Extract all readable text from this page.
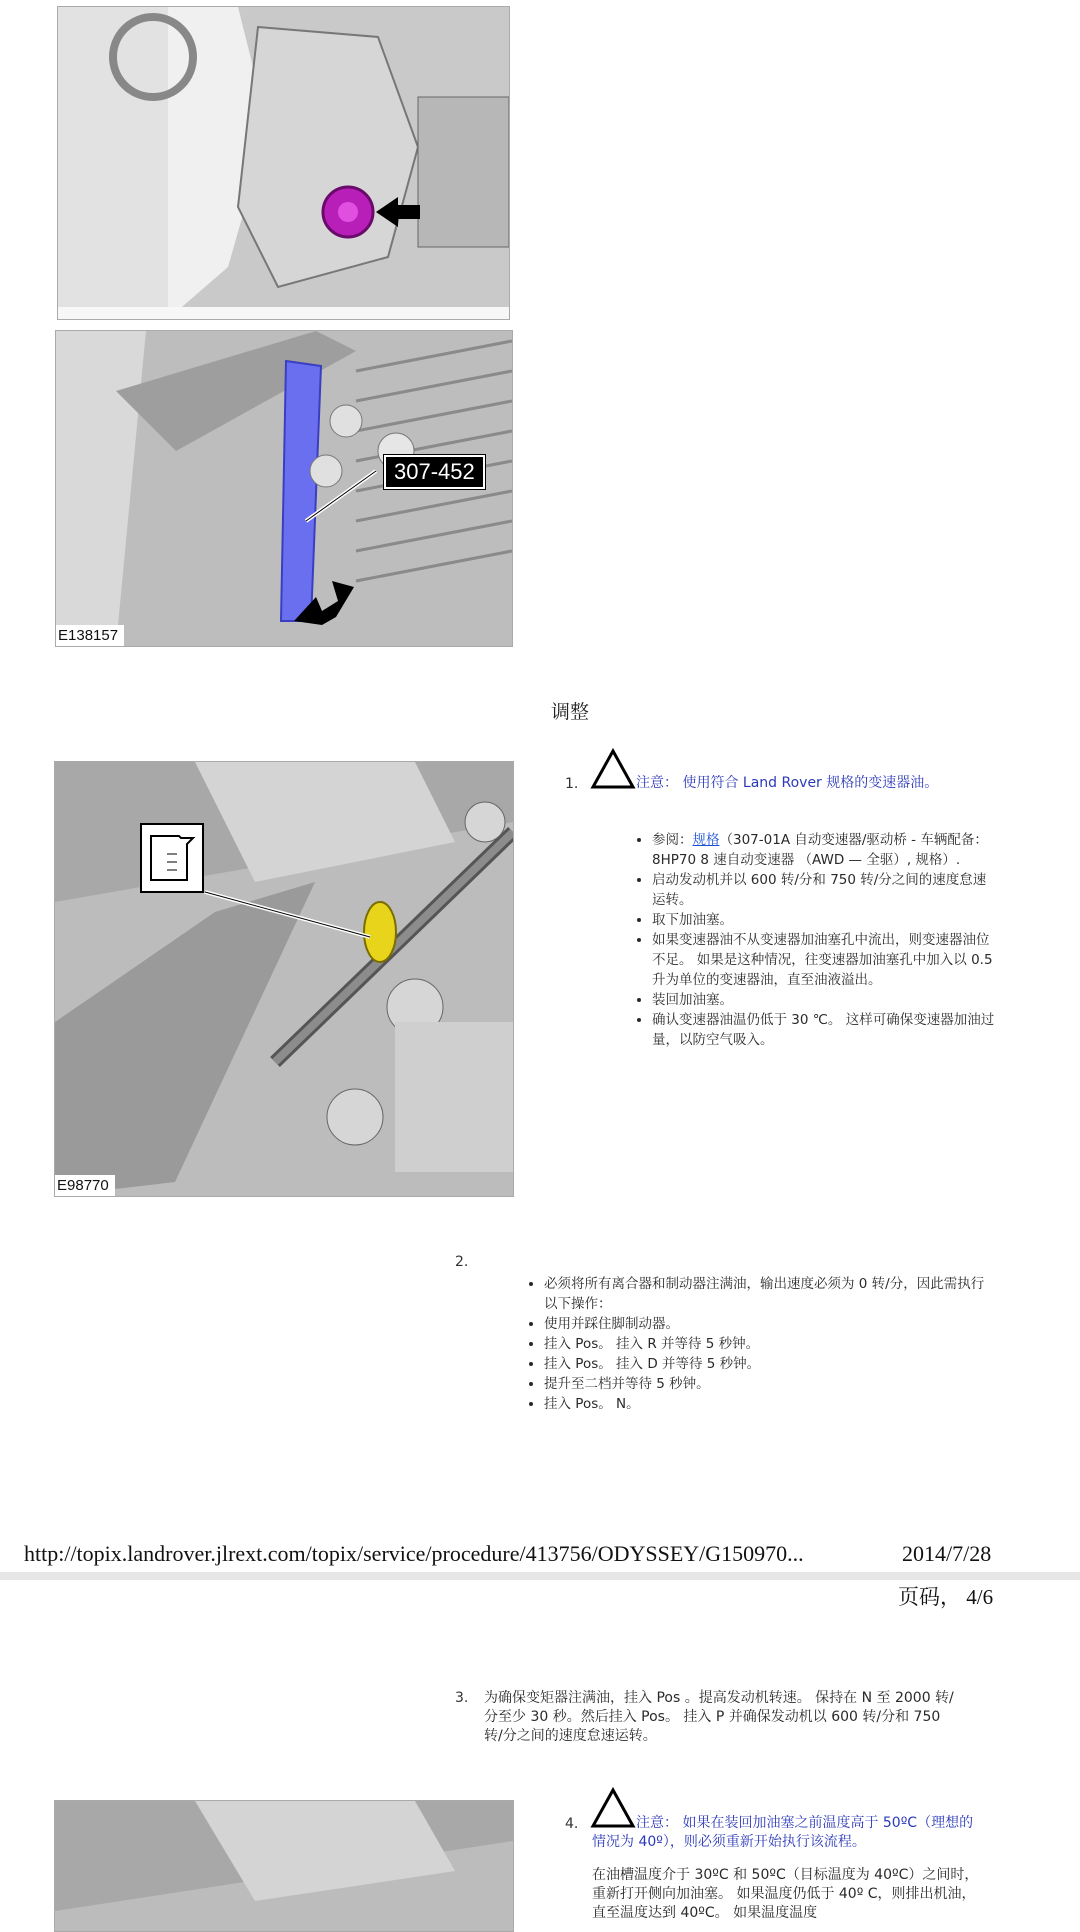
307-452
E138157
调整
E98770
1.	注意： 使用符合 Land Rover 规格的变速器油。
• 参阅：规格（307-01A 自动变速器/驱动桥 - 车辆配备： 8HP70 8 速自动变速器 （AWD — 全驱）, 规格）.
• 启动发动机并以 600 转/分和 750 转/分之间的速度怠速运转。
• 取下加油塞。
• 如果变速器油不从变速器加油塞孔中流出，则变速器油位不足。 如果是这种情况，往变速器加油塞孔中加入以 0.5 升为单位的变速器油，直至油液溢出。
• 装回加油塞。
• 确认变速器油温仍低于 30 ℃。 这样可确保变速器加油过量，以防空气吸入。
2.
• 必须将所有离合器和制动器注满油，输出速度必须为 0 转/分，因此需执行以下操作：
• 使用并踩住脚制动器。
• 挂入 Pos。 挂入 R 并等待 5 秒钟。
• 挂入 Pos。 挂入 D 并等待 5 秒钟。
• 提升至二档并等待 5 秒钟。
• 挂入 Pos。 N。
http://topix.landrover.jlrext.com/topix/service/procedure/413756/ODYSSEY/G150970...	2014/7/28
页码， 4/6
3. 为确保变矩器注满油，挂入 Pos 。提高发动机转速。 保持在 N 至 2000 转/分至少 30 秒。然后挂入 Pos。 挂入 P 并确保发动机以 600 转/分和 750 转/分之间的速度怠速运转。
4.	注意： 如果在装回加油塞之前温度高于 50ºC（理想的情况为 40º），则必须重新开始执行该流程。
在油槽温度介于 30ºC 和 50ºC（目标温度为 40ºC）之间时，重新打开侧向加油塞。 如果温度仍低于 40º C，则排出机油，直至温度达到 40ºC。 如果温度温度
